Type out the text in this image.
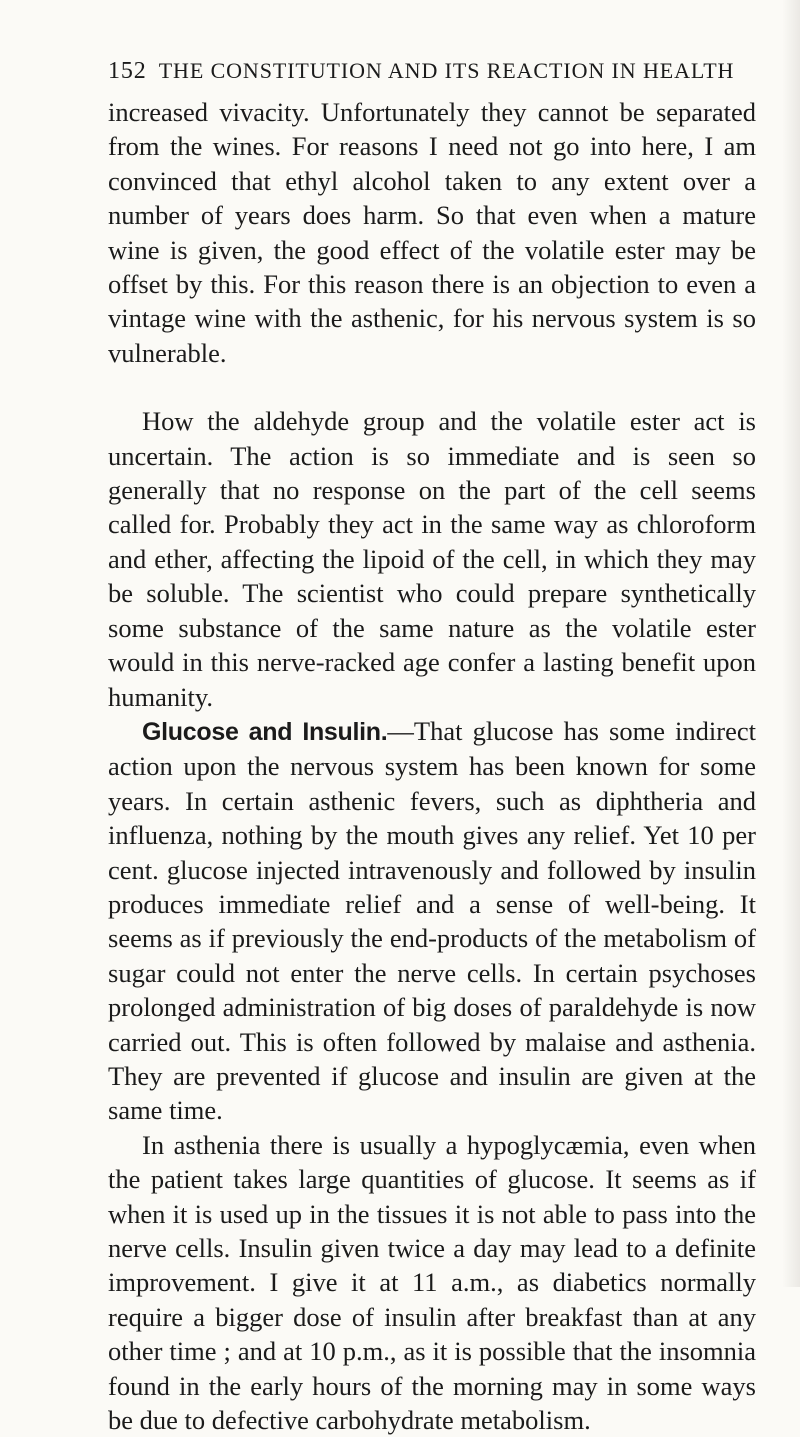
152 THE CONSTITUTION AND ITS REACTION IN HEALTH

increased vivacity. Unfortunately they cannot be separated from the wines. For reasons I need not go into here, I am convinced that ethyl alcohol taken to any extent over a number of years does harm. So that even when a mature wine is given, the good effect of the volatile ester may be offset by this. For this reason there is an objection to even a vintage wine with the asthenic, for his nervous system is so vulnerable.

How the aldehyde group and the volatile ester act is uncertain. The action is so immediate and is seen so generally that no response on the part of the cell seems called for. Probably they act in the same way as chloroform and ether, affecting the lipoid of the cell, in which they may be soluble. The scientist who could prepare synthetically some substance of the same nature as the volatile ester would in this nerve-racked age confer a lasting benefit upon humanity.

Glucose and Insulin.—That glucose has some indirect action upon the nervous system has been known for some years. In certain asthenic fevers, such as diphtheria and influenza, nothing by the mouth gives any relief. Yet 10 per cent. glucose injected intravenously and followed by insulin produces immediate relief and a sense of well-being. It seems as if previously the end-products of the metabolism of sugar could not enter the nerve cells. In certain psychoses prolonged administration of big doses of paraldehyde is now carried out. This is often followed by malaise and asthenia. They are prevented if glucose and insulin are given at the same time.

In asthenia there is usually a hypoglycæmia, even when the patient takes large quantities of glucose. It seems as if when it is used up in the tissues it is not able to pass into the nerve cells. Insulin given twice a day may lead to a definite improvement. I give it at 11 a.m., as diabetics normally require a bigger dose of insulin after breakfast than at any other time ; and at 10 p.m., as it is possible that the insomnia found in the early hours of the morning may in some ways be due to defective carbohydrate metabolism.
